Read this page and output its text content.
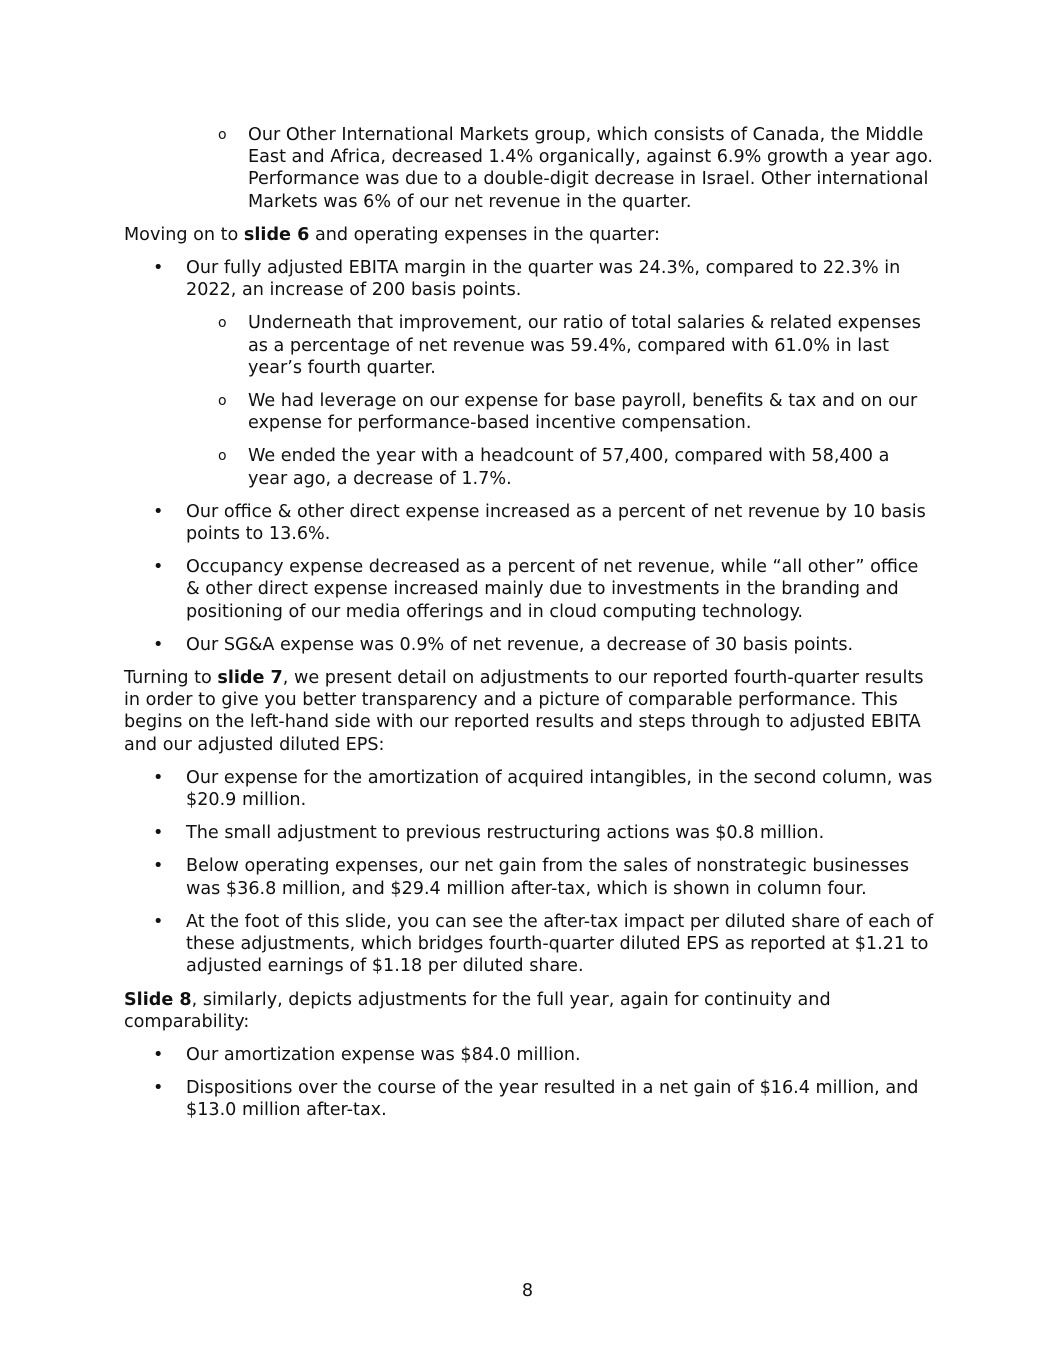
o Our Other International Markets group, which consists of Canada, the Middle East and Africa, decreased 1.4% organically, against 6.9% growth a year ago. Performance was due to a double-digit decrease in Israel. Other international Markets was 6% of our net revenue in the quarter.

Moving on to slide 6 and operating expenses in the quarter:

• Our fully adjusted EBITA margin in the quarter was 24.3%, compared to 22.3% in 2022, an increase of 200 basis points.
o Underneath that improvement, our ratio of total salaries & related expenses as a percentage of net revenue was 59.4%, compared with 61.0% in last year’s fourth quarter.
o We had leverage on our expense for base payroll, benefits & tax and on our expense for performance-based incentive compensation.
o We ended the year with a headcount of 57,400, compared with 58,400 a year ago, a decrease of 1.7%.
• Our office & other direct expense increased as a percent of net revenue by 10 basis points to 13.6%.
• Occupancy expense decreased as a percent of net revenue, while “all other” office & other direct expense increased mainly due to investments in the branding and positioning of our media offerings and in cloud computing technology.
• Our SG&A expense was 0.9% of net revenue, a decrease of 30 basis points.

Turning to slide 7, we present detail on adjustments to our reported fourth-quarter results in order to give you better transparency and a picture of comparable performance. This begins on the left-hand side with our reported results and steps through to adjusted EBITA and our adjusted diluted EPS:

• Our expense for the amortization of acquired intangibles, in the second column, was $20.9 million.
• The small adjustment to previous restructuring actions was $0.8 million.
• Below operating expenses, our net gain from the sales of nonstrategic businesses was $36.8 million, and $29.4 million after-tax, which is shown in column four.
• At the foot of this slide, you can see the after-tax impact per diluted share of each of these adjustments, which bridges fourth-quarter diluted EPS as reported at $1.21 to adjusted earnings of $1.18 per diluted share.

Slide 8, similarly, depicts adjustments for the full year, again for continuity and comparability:

• Our amortization expense was $84.0 million.
• Dispositions over the course of the year resulted in a net gain of $16.4 million, and $13.0 million after-tax.
8
